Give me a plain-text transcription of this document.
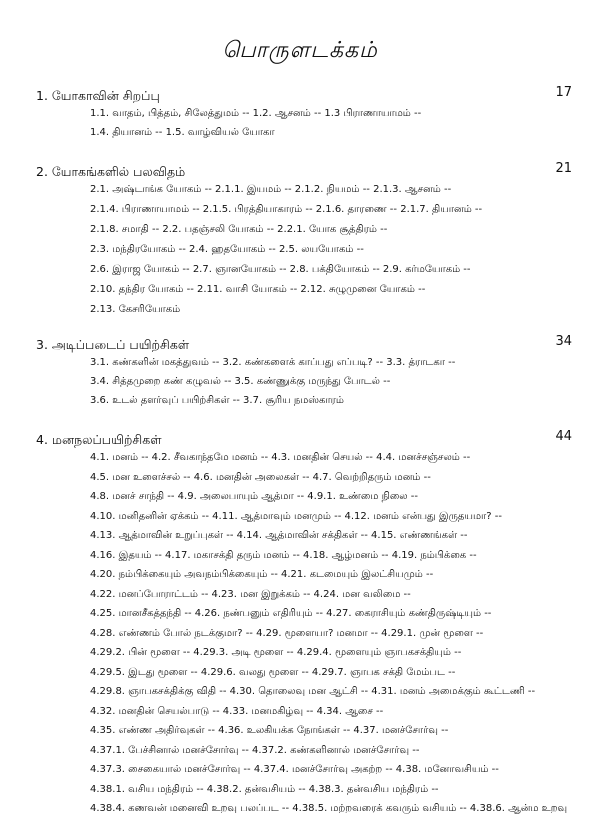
பொருளடக்கம்
1. யோகாவின் சிறப்பு	17
1.1. வாதம், பித்தம், சிலேத்துமம் -- 1.2. ஆசனம் -- 1.3 பிராணாயாமம் --
1.4. தியானம் -- 1.5. வாழ்வியல் யோகா
2. யோகங்களில் பலவிதம்	21
2.1. அஷ்டாங்க யோகம் -- 2.1.1. இயமம் -- 2.1.2. நியமம் -- 2.1.3. ஆசனம் --
2.1.4. பிராணாயாமம் -- 2.1.5. பிரத்தியாகாரம் -- 2.1.6. தாரணை -- 2.1.7. தியானம் --
2.1.8. சமாதி -- 2.2. பதஞ்சலி யோகம் -- 2.2.1. யோக சூத்திரம் --
2.3. மந்திரயோகம் -- 2.4. ஹதயோகம் -- 2.5. லயயோகம் --
2.6. இராஜ யோகம் -- 2.7. ஞானயோகம் -- 2.8. பக்தியோகம் -- 2.9. கர்மயோகம் --
2.10. தந்திர யோகம் -- 2.11. வாசி யோகம் -- 2.12. சுழுமுனை யோகம் --
2.13. கேசரியோகம்
3. அடிப்படைப் பயிற்சிகள்	34
3.1. கண்களின் மகத்துவம் -- 3.2. கண்களைக் காப்பது எப்படி? -- 3.3. த்ராடகா --
3.4. சித்தமுறை கண் கழுவல் -- 3.5. கண்ணுக்கு மருந்து போடல் --
3.6. உடல் தளர்வுப் பயிற்சிகள் -- 3.7. சூரிய நமஸ்காரம்
4. மனநலப்பயிற்சிகள்	44
4.1. மனம் -- 4.2. சீவகாந்தமே மனம் -- 4.3. மனதின் செயல் -- 4.4. மனச்சஞ்சலம் --
4.5. மன உளைச்சல் -- 4.6. மனதின் அலைகள் -- 4.7. வெற்றிதரும் மனம் --
4.8. மனச் சாந்தி -- 4.9. அலைபாயும் ஆத்மா -- 4.9.1. உண்மை நிலை --
4.10. மனிதனின் ஏக்கம் -- 4.11. ஆத்மாவும் மனமும் -- 4.12. மனம் என்பது இருதயமா? --
4.13. ஆத்மாவின் உறுப்புகள் -- 4.14. ஆத்மாவின் சக்திகள் -- 4.15. எண்ணங்கள் --
4.16. இதயம் -- 4.17. மகாசக்தி தரும் மனம் -- 4.18. ஆழ்மனம் -- 4.19. நம்பிக்கை --
4.20. நம்பிக்கையும் அவநம்பிக்கையும் -- 4.21. கடமையும் இலட்சியமும் --
4.22. மனப்போராட்டம் -- 4.23. மன இறுக்கம் -- 4.24. மன வலிமை --
4.25. மானசீகத்தந்தி -- 4.26. நண்பனும் எதிரியும் -- 4.27. கைராசியும் கண்திருஷ்டியும் --
4.28. எண்ணம் போல் நடக்குமா? -- 4.29. மூளையா? மனமா -- 4.29.1. முன் மூளை --
4.29.2. பின் மூளை -- 4.29.3. அடி மூளை -- 4.29.4. மூளையும் ஞாபகசக்தியும் --
4.29.5. இடது மூளை -- 4.29.6. வலது மூளை -- 4.29.7. ஞாபக சக்தி மேம்பட --
4.29.8. ஞாபகசக்திக்கு விதி -- 4.30. தொலைவு மன ஆட்சி -- 4.31. மனம் அமைக்கும் கூட்டணி --
4.32. மனதின் செயல்பாடு -- 4.33. மனமகிழ்வு -- 4.34. ஆசை --
4.35. எண்ண அதிர்வுகள் -- 4.36. உலகியக்க நோங்கள் -- 4.37. மனச்சோர்வு --
4.37.1. பேச்சினால் மனச்சோர்வு -- 4.37.2. கண்களினால் மனச்சோர்வு --
4.37.3. சைகையால் மனச்சோர்வு -- 4.37.4. மனச்சோர்வு அகற்ற -- 4.38. மனோவசியம் --
4.38.1. வசிய மந்திரம் -- 4.38.2. தன்வசியம் -- 4.38.3. தன்வசிய மந்திரம் --
4.38.4. கணவன் மனைவி உறவு பலப்பட -- 4.38.5. மற்றவரைக் கவரும் வசியம் -- 4.38.6. ஆன்ம உறவு
